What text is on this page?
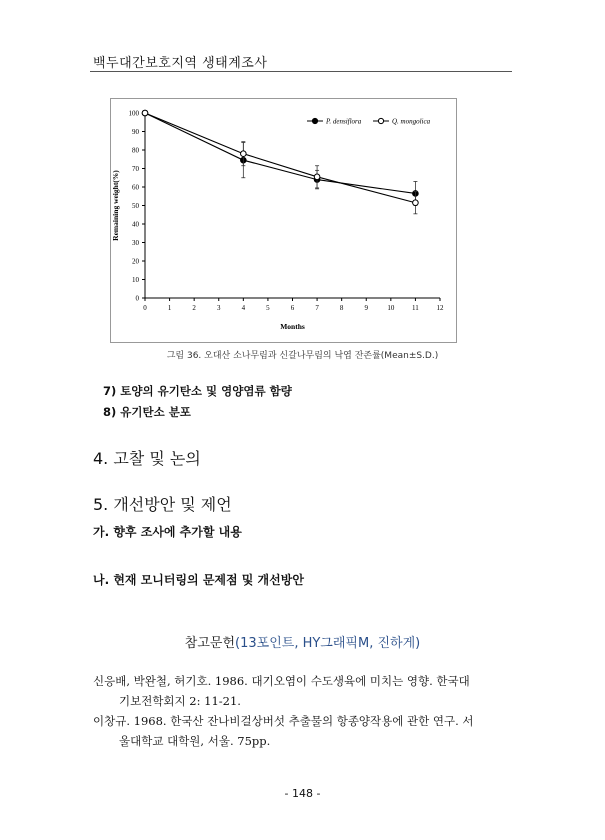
백두대간보호지역 생태계조사
0
10
20
30
40
50
60
70
80
90
100
0	1	2	3	4	5	6	7	8	9	10	11	12
Months
Remaining weight(%)
P. densiflora	Q. mongolica
그림 36. 오대산 소나무림과 신갈나무림의 낙엽 잔존률(Mean±S.D.)
7) 토양의 유기탄소 및 영양염류 함량
8) 유기탄소 분포
4. 고찰 및 논의
5. 개선방안 및 제언
가. 향후 조사에 추가할 내용
나. 현재 모니터링의 문제점 및 개선방안
참고문헌(13포인트, HY그래픽M, 진하게)
신응배, 박완철, 허기호. 1986. 대기오염이 수도생육에 미치는 영향. 한국대
기보전학회지 2: 11-21.
이창규. 1968. 한국산 잔나비걸상버섯 추출물의 항종양작용에 관한 연구. 서
울대학교 대학원, 서울. 75pp.
- 148 -
